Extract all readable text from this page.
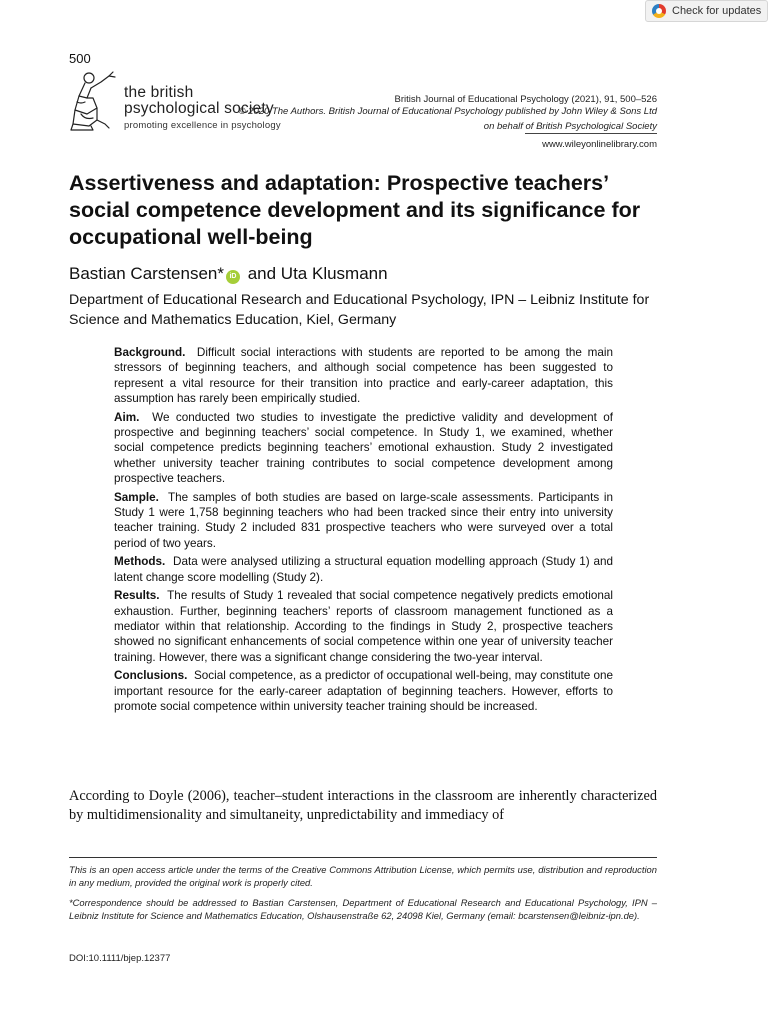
Check for updates
500
the british
psychological society
promoting excellence in psychology
British Journal of Educational Psychology (2021), 91, 500–526
© 2020 The Authors. British Journal of Educational Psychology published by John Wiley & Sons Ltd
on behalf of British Psychological Society
www.wileyonlinelibrary.com
Assertiveness and adaptation: Prospective teachers’ social competence development and its significance for occupational well-being
Bastian Carstensen* iD and Uta Klusmann
Department of Educational Research and Educational Psychology, IPN – Leibniz Institute for Science and Mathematics Education, Kiel, Germany

Background. Difficult social interactions with students are reported to be among the main stressors of beginning teachers, and although social competence has been suggested to represent a vital resource for their transition into practice and early-career adaptation, this assumption has rarely been empirically studied.

Aim. We conducted two studies to investigate the predictive validity and development of prospective and beginning teachers’ social competence. In Study 1, we examined, whether social competence predicts beginning teachers’ emotional exhaustion. Study 2 investigated whether university teacher training contributes to social competence development among prospective teachers.

Sample. The samples of both studies are based on large-scale assessments. Participants in Study 1 were 1,758 beginning teachers who had been tracked since their entry into university teacher training. Study 2 included 831 prospective teachers who were surveyed over a total period of two years.

Methods. Data were analysed utilizing a structural equation modelling approach (Study 1) and latent change score modelling (Study 2).

Results. The results of Study 1 revealed that social competence negatively predicts emotional exhaustion. Further, beginning teachers’ reports of classroom management functioned as a mediator within that relationship. According to the findings in Study 2, prospective teachers showed no significant enhancements of social competence within one year of university teacher training. However, there was a significant change considering the two-year interval.

Conclusions. Social competence, as a predictor of occupational well-being, may constitute one important resource for the early-career adaptation of beginning teachers. However, efforts to promote social competence within university teacher training should be increased.

According to Doyle (2006), teacher–student interactions in the classroom are inherently characterized by multidimensionality and simultaneity, unpredictability and immediacy of
This is an open access article under the terms of the Creative Commons Attribution License, which permits use, distribution and reproduction in any medium, provided the original work is properly cited.
*Correspondence should be addressed to Bastian Carstensen, Department of Educational Research and Educational Psychology, IPN – Leibniz Institute for Science and Mathematics Education, Olshausenstraße 62, 24098 Kiel, Germany (email: bcarstensen@leibniz-ipn.de).
DOI:10.1111/bjep.12377
